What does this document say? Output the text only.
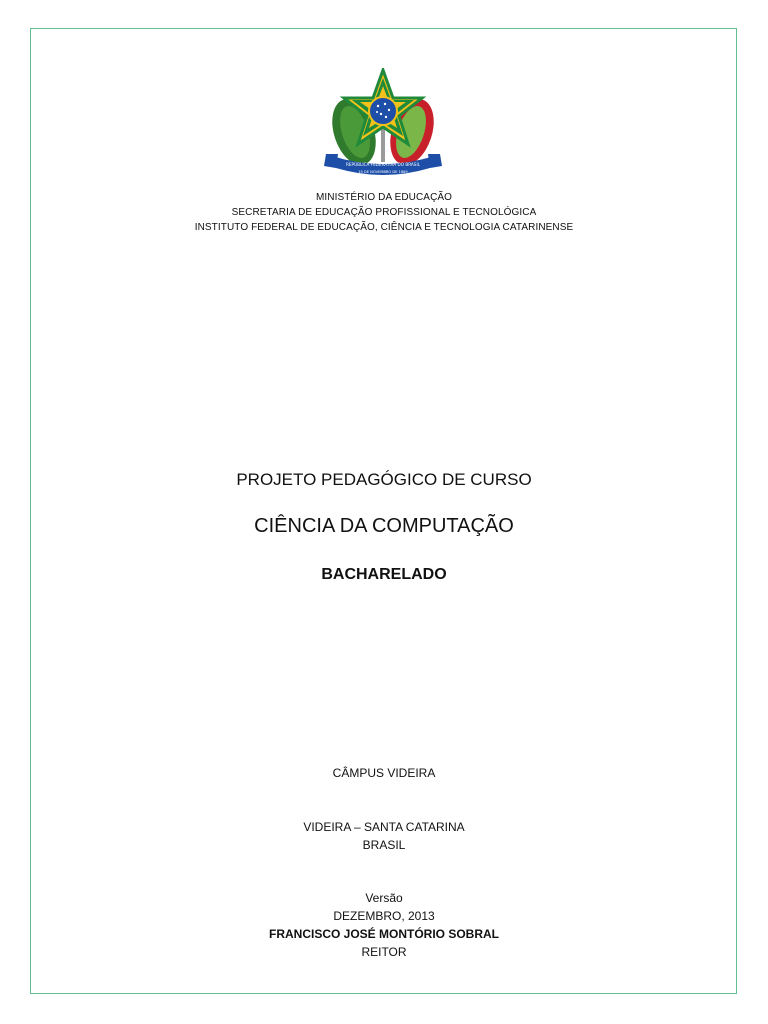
REPÚBLICA FEDERATIVA DO BRASIL
15 DE NOVEMBRO DE 1889
MINISTÉRIO DA EDUCAÇÃO
SECRETARIA DE EDUCAÇÃO PROFISSIONAL E TECNOLÓGICA
INSTITUTO FEDERAL DE EDUCAÇÃO, CIÊNCIA E TECNOLOGIA CATARINENSE
PROJETO PEDAGÓGICO DE CURSO
CIÊNCIA DA COMPUTAÇÃO
BACHARELADO
CÂMPUS VIDEIRA
VIDEIRA – SANTA CATARINA
BRASIL
Versão
DEZEMBRO, 2013
FRANCISCO JOSÉ MONTÓRIO SOBRAL
REITOR
